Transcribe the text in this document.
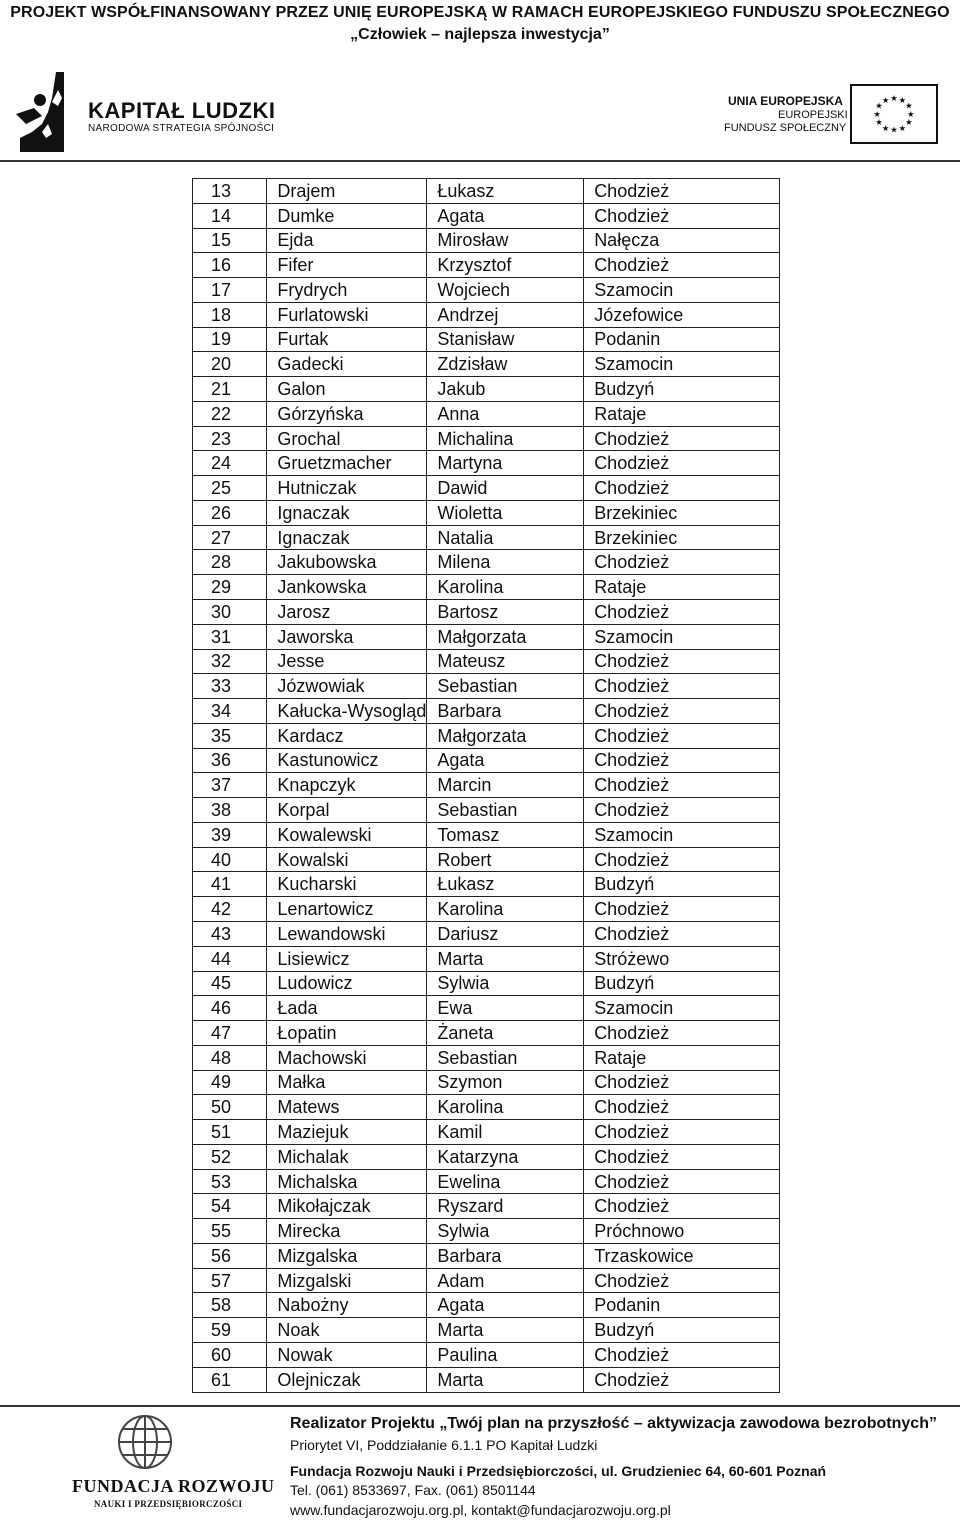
PROJEKT WSPÓŁFINANSOWANY PRZEZ UNIĘ EUROPEJSKĄ W RAMACH EUROPEJSKIEGO FUNDUSZU SPOŁECZNEGO
„Człowiek – najlepsza inwestycja”
KAPITAŁ LUDZKI
NARODOWA STRATEGIA SPÓJNOŚCI
UNIA EUROPEJSKA
EUROPEJSKI
FUNDUSZ SPOŁECZNY
★ ★
★
★
★
★
★
★
★
★
★
★
13	Drajem	Łukasz	Chodzież
14	Dumke	Agata	Chodzież
15	Ejda	Mirosław	Nałęcza
16	Fifer	Krzysztof	Chodzież
17	Frydrych	Wojciech	Szamocin
18	Furlatowski	Andrzej	Józefowice
19	Furtak	Stanisław	Podanin
20	Gadecki	Zdzisław	Szamocin
21	Galon	Jakub	Budzyń
22	Górzyńska	Anna	Rataje
23	Grochal	Michalina	Chodzież
24	Gruetzmacher	Martyna	Chodzież
25	Hutniczak	Dawid	Chodzież
26	Ignaczak	Wioletta	Brzekiniec
27	Ignaczak	Natalia	Brzekiniec
28	Jakubowska	Milena	Chodzież
29	Jankowska	Karolina	Rataje
30	Jarosz	Bartosz	Chodzież
31	Jaworska	Małgorzata	Szamocin
32	Jesse	Mateusz	Chodzież
33	Józwowiak	Sebastian	Chodzież
34	Kałucka-Wysogląd	Barbara	Chodzież
35	Kardacz	Małgorzata	Chodzież
36	Kastunowicz	Agata	Chodzież
37	Knapczyk	Marcin	Chodzież
38	Korpal	Sebastian	Chodzież
39	Kowalewski	Tomasz	Szamocin
40	Kowalski	Robert	Chodzież
41	Kucharski	Łukasz	Budzyń
42	Lenartowicz	Karolina	Chodzież
43	Lewandowski	Dariusz	Chodzież
44	Lisiewicz	Marta	Stróżewo
45	Ludowicz	Sylwia	Budzyń
46	Łada	Ewa	Szamocin
47	Łopatin	Żaneta	Chodzież
48	Machowski	Sebastian	Rataje
49	Małka	Szymon	Chodzież
50	Matews	Karolina	Chodzież
51	Maziejuk	Kamil	Chodzież
52	Michalak	Katarzyna	Chodzież
53	Michalska	Ewelina	Chodzież
54	Mikołajczak	Ryszard	Chodzież
55	Mirecka	Sylwia	Próchnowo
56	Mizgalska	Barbara	Trzaskowice
57	Mizgalski	Adam	Chodzież
58	Nabożny	Agata	Podanin
59	Noak	Marta	Budzyń
60	Nowak	Paulina	Chodzież
61	Olejniczak	Marta	Chodzież
FUNDACJA ROZWOJU
NAUKI I PRZEDSIĘBIORCZOŚCI
Realizator Projektu „Twój plan na przyszłość – aktywizacja zawodowa bezrobotnych”
Priorytet VI, Poddziałanie 6.1.1 PO Kapitał Ludzki
Fundacja Rozwoju Nauki i Przedsiębiorczości, ul. Grudzieniec 64, 60-601 Poznań
Tel. (061) 8533697, Fax. (061) 8501144
www.fundacjarozwoju.org.pl, kontakt@fundacjarozwoju.org.pl
